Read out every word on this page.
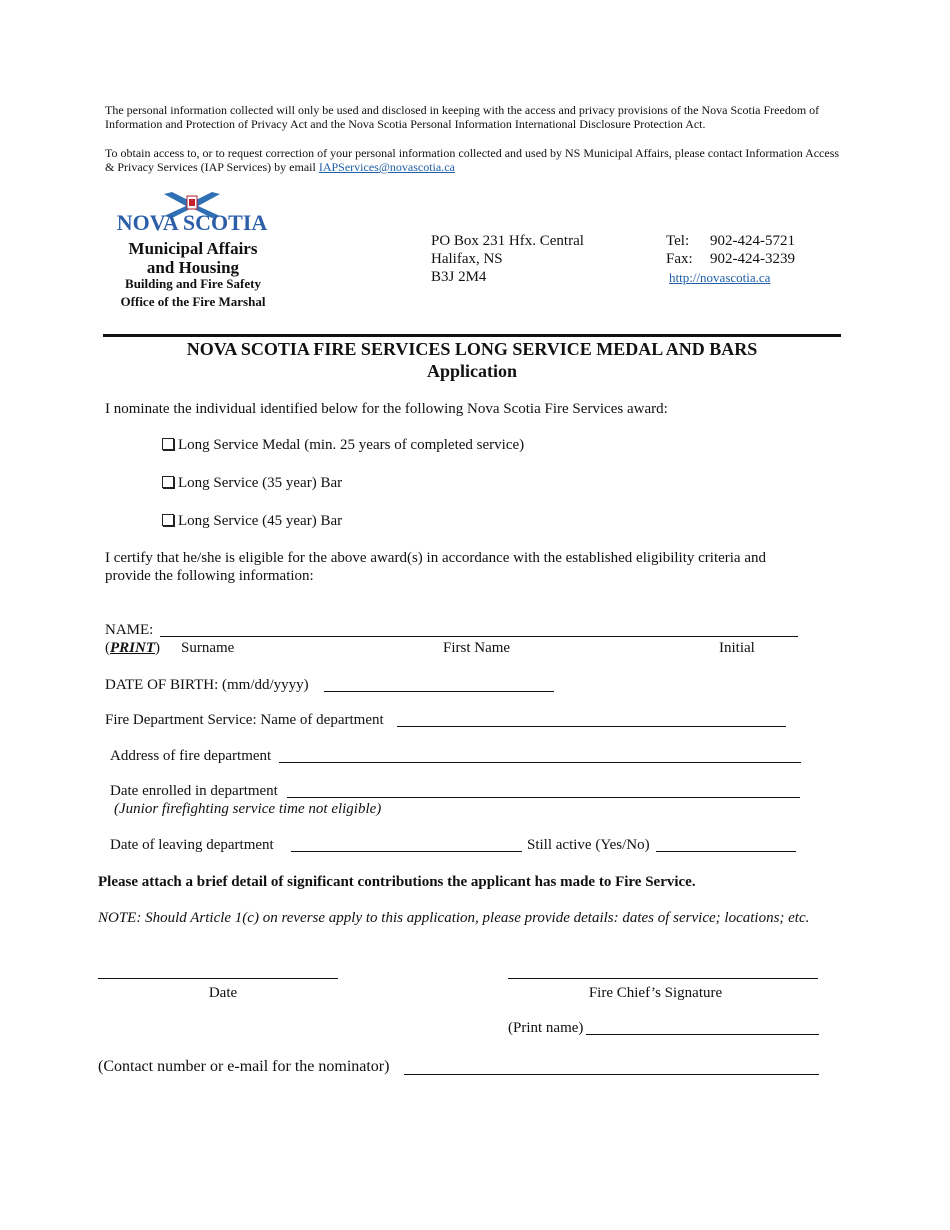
The personal information collected will only be used and disclosed in keeping with the access and privacy provisions of the Nova Scotia Freedom of Information and Protection of Privacy Act and the Nova Scotia Personal Information International Disclosure Protection Act.
To obtain access to, or to request correction of your personal information collected and used by NS Municipal Affairs, please contact Information Access & Privacy Services (IAP Services) by email IAPServices@novascotia.ca
NOVA SCOTIA
Municipal Affairs
and Housing
Building and Fire Safety
Office of the Fire Marshal
PO Box 231 Hfx. Central
Halifax, NS
B3J 2M4
Tel: 902-424-5721
Fax: 902-424-3239
http://novascotia.ca
NOVA SCOTIA FIRE SERVICES LONG SERVICE MEDAL AND BARS
Application
I nominate the individual identified below for the following Nova Scotia Fire Services award:
Long Service Medal (min. 25 years of completed service)
Long Service (35 year) Bar
Long Service (45 year) Bar
I certify that he/she is eligible for the above award(s) in accordance with the established eligibility criteria and provide the following information:
NAME:
(PRINT) Surname	First Name	Initial
DATE OF BIRTH: (mm/dd/yyyy)
Fire Department Service: Name of department
Address of fire department
Date enrolled in department
(Junior firefighting service time not eligible)
Date of leaving department	Still active (Yes/No)
Please attach a brief detail of significant contributions the applicant has made to Fire Service.
NOTE: Should Article 1(c) on reverse apply to this application, please provide details: dates of service; locations; etc.
Date	Fire Chief’s Signature
(Print name)
(Contact number or e-mail for the nominator)
